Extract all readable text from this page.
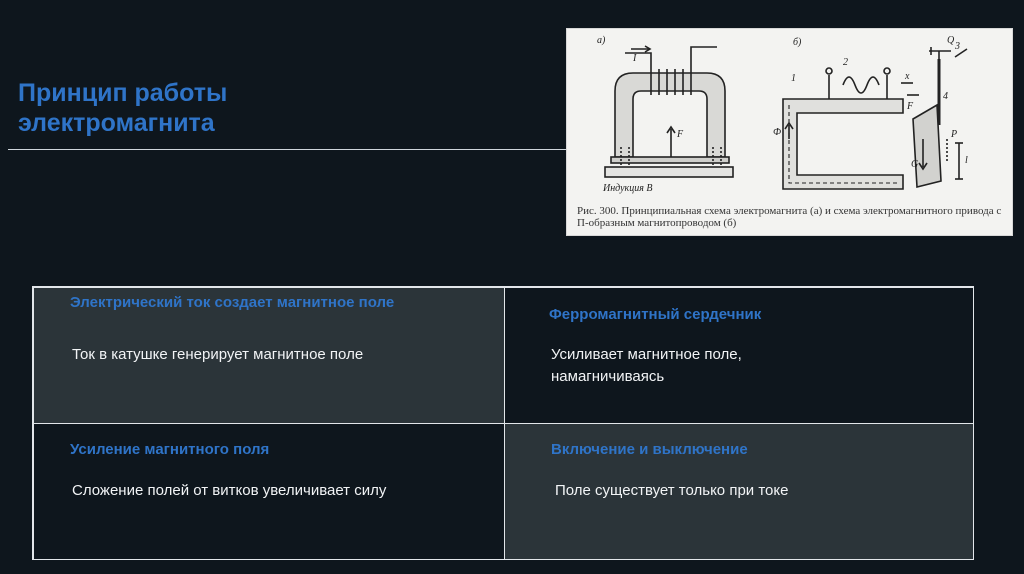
Принцип работы
электромагнита
а)
I
F
Индукция В
б)
Ф
1
2
3
4
x
F
P
G
Q
l
Рис. 300. Принципиальная схема электромагнита (а) и схема электромагнитного привода с П-образным магнитопроводом (б)
Электрический ток создает магнитное поле

Ток в катушке генерирует магнитное поле

Ферромагнитный сердечник

Усиливает магнитное поле, намагничиваясь

Усиление магнитного поля

Сложение полей от витков увеличивает силу

Включение и выключение

Поле существует только при токе
